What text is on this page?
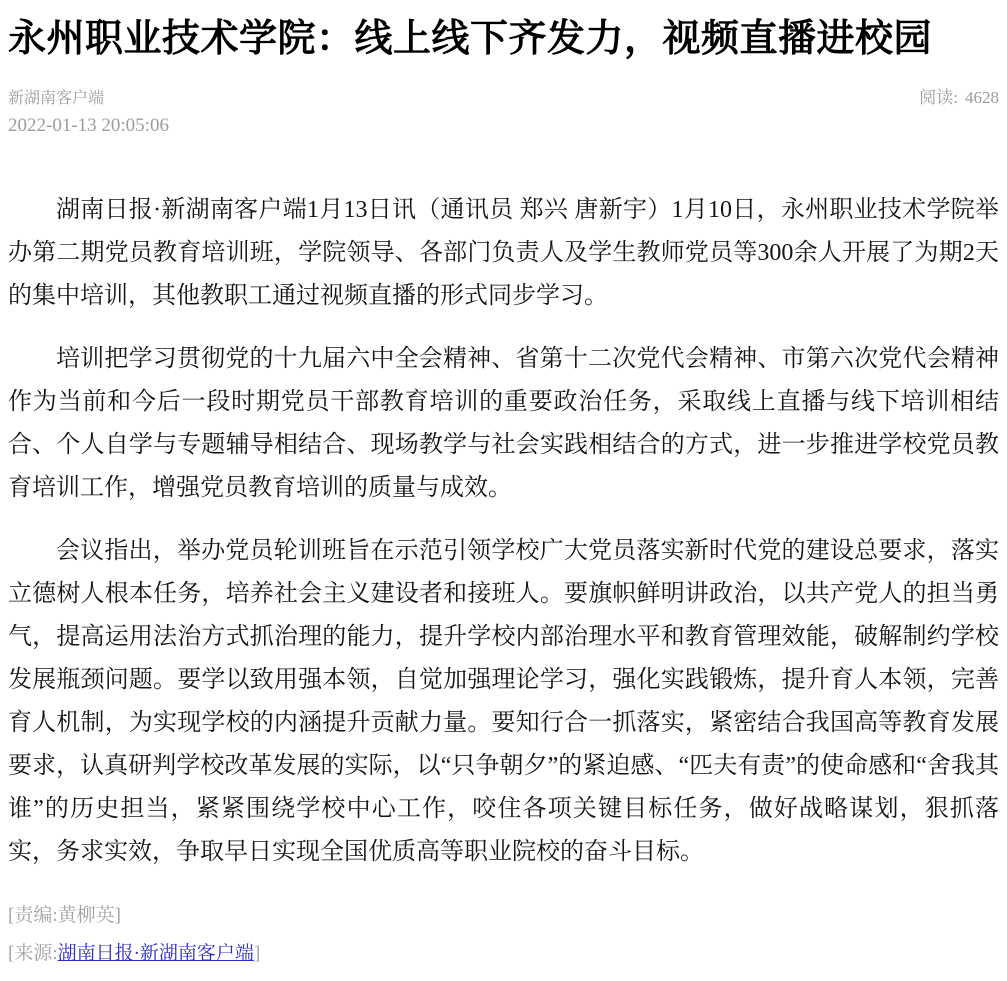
永州职业技术学院：线上线下齐发力，视频直播进校园
新湖南客户端	阅读: 4628
2022-01-13 20:05:06

湖南日报·新湖南客户端1月13日讯（通讯员 郑兴 唐新宇）1月10日，永州职业技术学院举办第二期党员教育培训班，学院领导、各部门负责人及学生教师党员等300余人开展了为期2天的集中培训，其他教职工通过视频直播的形式同步学习。

培训把学习贯彻党的十九届六中全会精神、省第十二次党代会精神、市第六次党代会精神作为当前和今后一段时期党员干部教育培训的重要政治任务，采取线上直播与线下培训相结合、个人自学与专题辅导相结合、现场教学与社会实践相结合的方式，进一步推进学校党员教育培训工作，增强党员教育培训的质量与成效。

会议指出，举办党员轮训班旨在示范引领学校广大党员落实新时代党的建设总要求，落实立德树人根本任务，培养社会主义建设者和接班人。要旗帜鲜明讲政治，以共产党人的担当勇气，提高运用法治方式抓治理的能力，提升学校内部治理水平和教育管理效能，破解制约学校发展瓶颈问题。要学以致用强本领，自觉加强理论学习，强化实践锻炼，提升育人本领，完善育人机制，为实现学校的内涵提升贡献力量。要知行合一抓落实，紧密结合我国高等教育发展要求，认真研判学校改革发展的实际，以“只争朝夕”的紧迫感、“匹夫有责”的使命感和“舍我其谁”的历史担当，紧紧围绕学校中心工作，咬住各项关键目标任务，做好战略谋划，狠抓落实，务求实效，争取早日实现全国优质高等职业院校的奋斗目标。

[责编:黄柳英]
[来源:湖南日报·新湖南客户端]
